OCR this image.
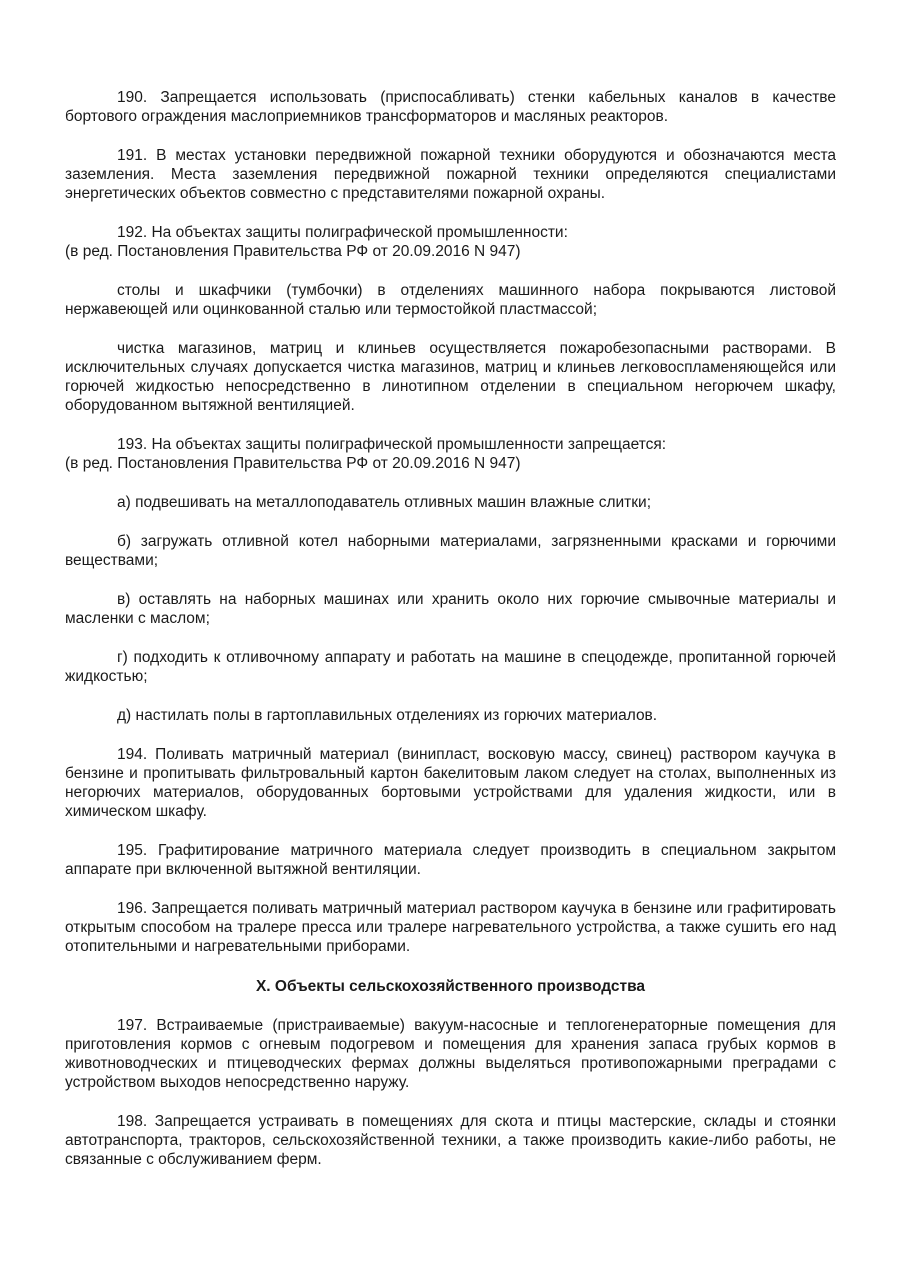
190. Запрещается использовать (приспосабливать) стенки кабельных каналов в качестве бортового ограждения маслоприемников трансформаторов и масляных реакторов.

191. В местах установки передвижной пожарной техники оборудуются и обозначаются места заземления. Места заземления передвижной пожарной техники определяются специалистами энергетических объектов совместно с представителями пожарной охраны.

192. На объектах защиты полиграфической промышленности:

(в ред. Постановления Правительства РФ от 20.09.2016 N 947)

столы и шкафчики (тумбочки) в отделениях машинного набора покрываются листовой нержавеющей или оцинкованной сталью или термостойкой пластмассой;

чистка магазинов, матриц и клиньев осуществляется пожаробезопасными растворами. В исключительных случаях допускается чистка магазинов, матриц и клиньев легковоспламеняющейся или горючей жидкостью непосредственно в линотипном отделении в специальном негорючем шкафу, оборудованном вытяжной вентиляцией.

193. На объектах защиты полиграфической промышленности запрещается:

(в ред. Постановления Правительства РФ от 20.09.2016 N 947)

а) подвешивать на металлоподаватель отливных машин влажные слитки;

б) загружать отливной котел наборными материалами, загрязненными красками и горючими веществами;

в) оставлять на наборных машинах или хранить около них горючие смывочные материалы и масленки с маслом;

г) подходить к отливочному аппарату и работать на машине в спецодежде, пропитанной горючей жидкостью;

д) настилать полы в гартоплавильных отделениях из горючих материалов.

194. Поливать матричный материал (винипласт, восковую массу, свинец) раствором каучука в бензине и пропитывать фильтровальный картон бакелитовым лаком следует на столах, выполненных из негорючих материалов, оборудованных бортовыми устройствами для удаления жидкости, или в химическом шкафу.

195. Графитирование матричного материала следует производить в специальном закрытом аппарате при включенной вытяжной вентиляции.

196. Запрещается поливать матричный материал раствором каучука в бензине или графитировать открытым способом на тралере пресса или тралере нагревательного устройства, а также сушить его над отопительными и нагревательными приборами.

X. Объекты сельскохозяйственного производства

197. Встраиваемые (пристраиваемые) вакуум-насосные и теплогенераторные помещения для приготовления кормов с огневым подогревом и помещения для хранения запаса грубых кормов в животноводческих и птицеводческих фермах должны выделяться противопожарными преградами с устройством выходов непосредственно наружу.

198. Запрещается устраивать в помещениях для скота и птицы мастерские, склады и стоянки автотранспорта, тракторов, сельскохозяйственной техники, а также производить какие-либо работы, не связанные с обслуживанием ферм.
